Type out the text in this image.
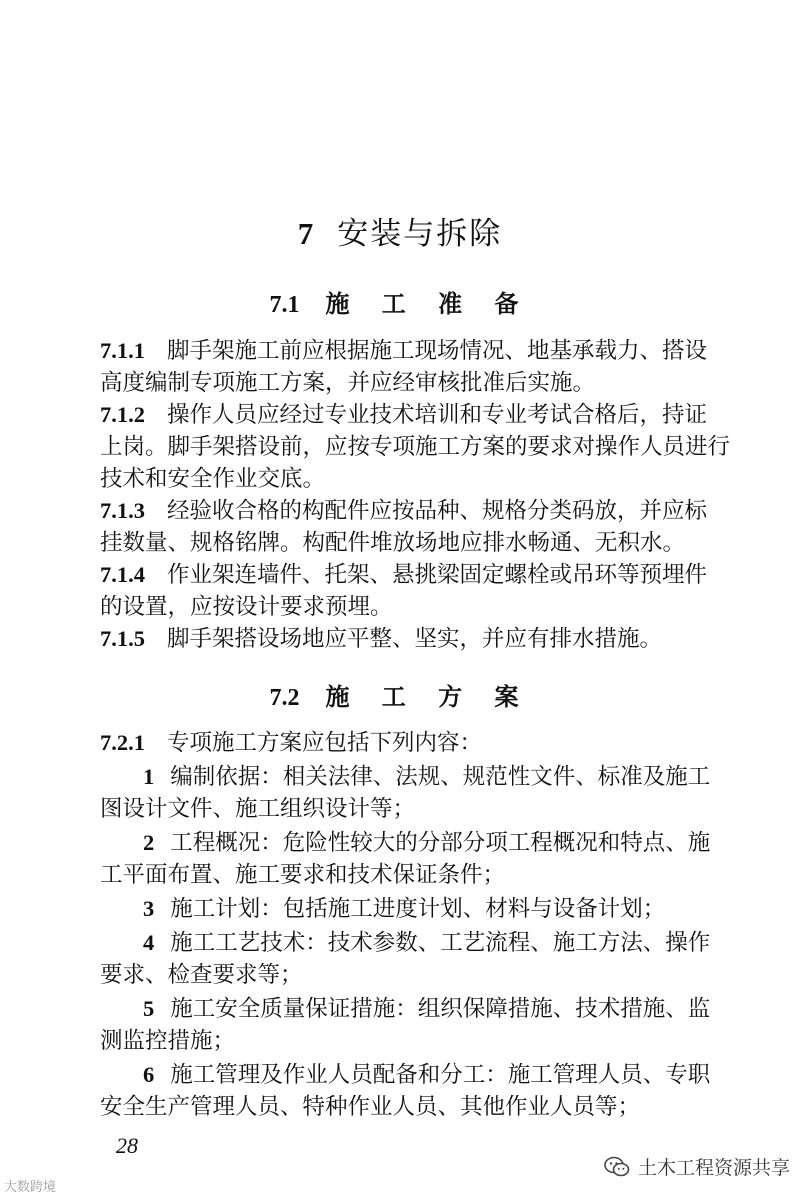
7 安装与拆除
7.1 施 工 准 备
7.1.1 脚手架施工前应根据施工现场情况、地基承载力、搭设
高度编制专项施工方案，并应经审核批准后实施。
7.1.2 操作人员应经过专业技术培训和专业考试合格后，持证
上岗。脚手架搭设前，应按专项施工方案的要求对操作人员进行
技术和安全作业交底。
7.1.3 经验收合格的构配件应按品种、规格分类码放，并应标
挂数量、规格铭牌。构配件堆放场地应排水畅通、无积水。
7.1.4 作业架连墙件、托架、悬挑梁固定螺栓或吊环等预埋件
的设置，应按设计要求预埋。
7.1.5 脚手架搭设场地应平整、坚实，并应有排水措施。
7.2 施 工 方 案
7.2.1 专项施工方案应包括下列内容：
1 编制依据：相关法律、法规、规范性文件、标准及施工
图设计文件、施工组织设计等；
2 工程概况：危险性较大的分部分项工程概况和特点、施
工平面布置、施工要求和技术保证条件；
3 施工计划：包括施工进度计划、材料与设备计划；
4 施工工艺技术：技术参数、工艺流程、施工方法、操作
要求、检查要求等；
5 施工安全质量保证措施：组织保障措施、技术措施、监
测监控措施；
6 施工管理及作业人员配备和分工：施工管理人员、专职
安全生产管理人员、特种作业人员、其他作业人员等；
28
大数跨境
土木工程资源共享
